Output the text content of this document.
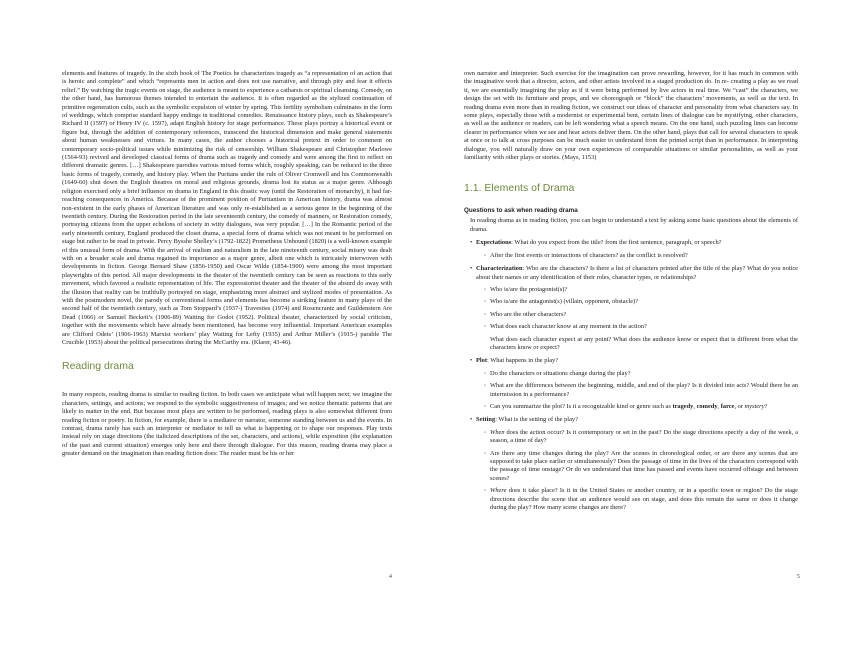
elements and features of tragedy. In the sixth book of The Poetics he characterizes tragedy as “a representation of an action that is heroic and complete” and which “represents men in action and does not use narrative, and through pity and fear it effects relief.” By watching the tragic events on stage, the audience is meant to experience a catharsis or spiritual cleansing. Comedy, on the other hand, has humorous themes intended to entertain the audience. It is often regarded as the stylized continuation of primitive regeneration cults, such as the symbolic expulsion of winter by spring. This fertility symbolism culminates in the form of weddings, which comprise standard happy endings in traditional comedies. Renaissance history plays, such as Shakespeare’s Richard II (1597) or Henry IV (c. 1597), adapt English history for stage performance. These plays portray a historical event or figure but, through the addition of contemporary references, transcend the historical dimension and make general statements about human weaknesses and virtues. In many cases, the author chooses a historical pretext in order to comment on contemporary socio-political issues while minimizing the risk of censorship. William Shakespeare and Christopher Marlowe (1564-93) revived and developed classical forms of drama such as tragedy and comedy and were among the first to reflect on different dramatic genres. […] Shakespeare parodies various mixed forms which, roughly speaking, can be reduced to the three basic forms of tragedy, comedy, and history play. When the Puritans under the rule of Oliver Cromwell and his Commonwealth (1649-60) shut down the English theatres on moral and religious grounds, drama lost its status as a major genre. Although religion exercised only a brief influence on drama in England in this drastic way (until the Restoration of monarchy), it had far-reaching consequences in America. Because of the prominent position of Puritanism in American history, drama was almost non-existent in the early phases of American literature and was only re-established as a serious genre in the beginning of the twentieth century. During the Restoration period in the late seventeenth century, the comedy of manners, or Restoration comedy, portraying citizens from the upper echelons of society in witty dialogues, was very popular. […] In the Romantic period of the early nineteenth century, England produced the closet drama, a special form of drama which was not meant to be performed on stage but rather to be read in private. Percy Bysshe Shelley’s (1792-1822) Prometheus Unbound (1820) is a well-known example of this unusual form of drama. With the arrival of realism and naturalism in the late nineteenth century, social misery was dealt with on a broader scale and drama regained its importance as a major genre, albeit one which is intricately interwoven with developments in fiction. George Bernard Shaw (1856-1950) and Oscar Wilde (1854-1900) were among the most important playwrights of this period. All major developments in the theater of the twentieth century can be seen as reactions to this early movement, which favored a realistic representation of life. The expressionist theater and the theater of the absurd do away with the illusion that reality can be truthfully portrayed on stage, emphasizing more abstract and stylized modes of presentation. As with the postmodern novel, the parody of conventional forms and elements has become a striking feature in many plays of the second half of the twentieth century, such as Tom Stoppard’s (1937-) Travesties (1974) and Rosencrantz and Guildenstern Are Dead (1966) or Samuel Beckett’s (1906-89) Waiting for Godot (1952). Political theater, characterized by social criticism, together with the movements which have already been mentioned, has become very influential. Important American examples are Clifford Odets’ (1906-1963) Marxist workers’ play Waiting for Lefty (1935) and Arthur Miller’s (1915-) parable The Crucible (1953) about the political persecutions during the McCarthy era. (Klarer, 43-46).

Reading drama

In many respects, reading drama is similar to reading fiction. In both cases we anticipate what will happen next; we imagine the characters, settings, and actions; we respond to the symbolic suggestiveness of images; and we notice thematic patterns that are likely to matter in the end. But because most plays are written to be performed, reading plays is also somewhat different from reading fiction or poetry. In fiction, for example, there is a mediator or narrator, someone standing between us and the events. In contrast, drama rarely has such an interpreter or mediator to tell us what is happening or to shape our responses. Play texts instead rely on stage directions (the italicized descriptions of the set, characters, and actions), while exposition (the explanation of the past and current situation) emerges only here and there through dialogue. For this reason, reading drama may place a greater demand on the imagination than reading fiction does: The reader must be his or her

4

own narrator and interpreter. Such exercise for the imagination can prove rewarding, however, for it has much in common with the imaginative work that a director, actors, and other artists involved in a staged production do. In re- creating a play as we read it, we are essentially imagining the play as if it were being performed by live actors in real time. We “cast” the characters, we design the set with its furniture and props, and we choreograph or “block” the characters’ movements, as well as the text. In reading drama even more than in reading fiction, we construct our ideas of character and personality from what characters say. In some plays, especially those with a modernist or experimental bent, certain lines of dialogue can be mystifying, other characters, as well as the audience or readers, can be left wondering what a speech means. On the one hand, such puzzling lines can become clearer in performance when we see and hear actors deliver them. On the other hand, plays that call for several characters to speak at once or to talk at cross purposes can be much easier to understand from the printed script than in performance. In interpreting dialogue, you will naturally draw on your own experiences of comparable situations or similar personalities, as well as your familiarity with other plays or stories. (Mays, 1153)

1.1. Elements of Drama
Questions to ask when reading drama

In reading drama as in reading fiction, you can begin to understand a text by asking some basic questions about the elements of drama.

• Expectations: What do you expect from the title? from the first sentence, paragraph, or speech?

◦ After the first events or interactions of characters? as the conflict is resolved?

• Characterization: Who are the characters? Is there a list of characters printed after the title of the play? What do you notice about their names or any identification of their roles, character types, or relationships?

◦ Who is/are the protagonist(s)?

◦ Who is/are the antagonist(s) (villain, opponent, obstacle)?

◦ Who are the other characters?

◦ What does each character know at any moment in the action?

What does each character expect at any point? What does the audience know or expect that is different from what the characters know or expect?

• Plot: What happens in the play?

◦ Do the characters or situations change during the play?

◦ What are the differences between the beginning, middle, and end of the play? Is it divided into acts? Would there be an intermission in a performance?

◦ Can you summarize the plot? Is it a recognizable kind or genre such as tragedy, comedy, farce, or mystery?

• Setting: What is the setting of the play?

◦ When does the action occur? Is it contemporary or set in the past? Do the stage directions specify a day of the week, a season, a time of day?

◦ Are there any time changes during the play? Are the scenes in chronological order, or are there any scenes that are supposed to take place earlier or simultaneously? Does the passage of time in the lives of the characters correspond with the passage of time onstage? Or do we understand that time has passed and events have occurred offstage and between scenes?

◦ Where does it take place? Is it in the United States or another country, or in a specific town or region? Do the stage directions describe the scene that an audience would see on stage, and does this remain the same or does it change during the play? How many scene changes are there?

5
